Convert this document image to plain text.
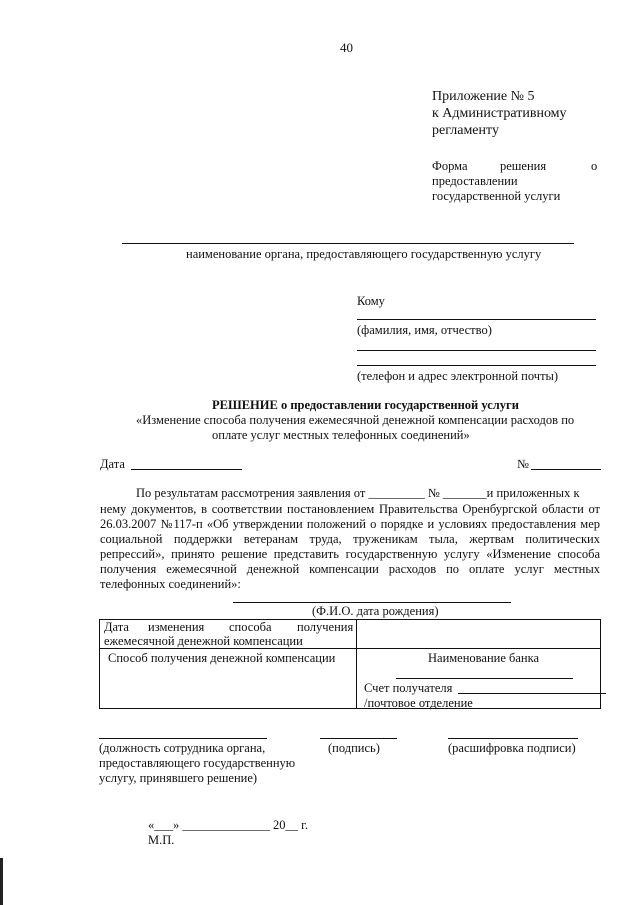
40
Приложение № 5
к Административному
регламенту
Форма	решения	о
предоставлении
государственной услуги
наименование органа, предоставляющего государственную услугу
Кому
(фамилия, имя, отчество)
(телефон и адрес электронной почты)
РЕШЕНИЕ о предоставлении государственной услуги
«Изменение способа получения ежемесячной денежной компенсации расходов по
оплате услуг местных телефонных соединений»
Дата	№
По результатам рассмотрения заявления от _________ № _______и приложенных к
нему документов, в соответствии постановлением Правительства Оренбургской области от
26.03.2007 №117-п «Об утверждении положений о порядке и условиях предоставления мер
социальной поддержки ветеранам труда, труженикам тыла, жертвам политических
репрессий», принято решение представить государственную услугу «Изменение способа
получения ежемесячной денежной компенсации расходов по оплате услуг местных
телефонных соединений»:
(Ф.И.О. дата рождения)
Дата изменения способа получения
ежемесячной денежной компенсации
Способ получения денежной компенсации	Наименование банка
Счет получателя
/почтовое отделение
(должность сотрудника органа,
предоставляющего государственную
услугу, принявшего решение)
(подпись)	(расшифровка подписи)
«___» ______________ 20__ г.
М.П.
